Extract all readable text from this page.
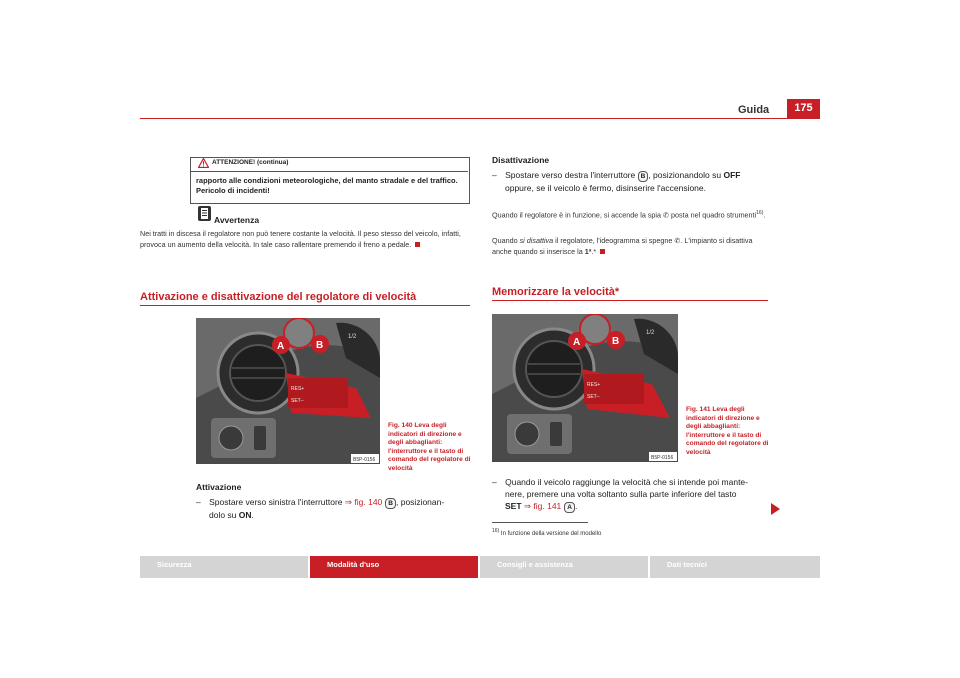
Guida	175
ATTENZIONE! (continua)
rapporto alle condizioni meteorologiche, del manto stradale e del traffico. Pericolo di incidenti!
Avvertenza
Nei tratti in discesa il regolatore non può tenere costante la velocità. Il peso stesso del veicolo, infatti, provoca un aumento della velocità. In tale caso rallentare premendo il freno a pedale.
Attivazione e disattivazione del regolatore di velocità
1/2
RES+
SET–
A	B
B5P-0156
Fig. 140 Leva degli indicatori di direzione e degli abbaglianti: l'interruttore e il tasto di comando del regolatore di velocità
Attivazione
– Spostare verso sinistra l'interruttore ⇒ fig. 140 B , posizionan-
dolo su ON.
Disattivazione
– Spostare verso destra l'interruttore B , posizionandolo su OFF
oppure, se il veicolo è fermo, disinserire l'accensione.
Quando il regolatore è in funzione, si accende la spia ✆ posta nel quadro strumenti$^{16)}$.
Quando si disattiva il regolatore, l'ideogramma si spegne ✆. L'impianto si disattiva anche quando si inserisce la 1ª.*
Memorizzare la velocità*
1/2
RES+
SET–
A	B
B5P-0156
Fig. 141 Leva degli indicatori di direzione e degli abbaglianti: l'interruttore e il tasto di comando del regolatore di velocità
– Quando il veicolo raggiunge la velocità che si intende poi mante-
nere, premere una volta soltanto sulla parte inferiore del tasto
SET ⇒ fig. 141 A .
$^{16)}$ In funzione della versione del modello
Sicurezza	Modalità d'uso	Consigli e assistenza	Dati tecnici
